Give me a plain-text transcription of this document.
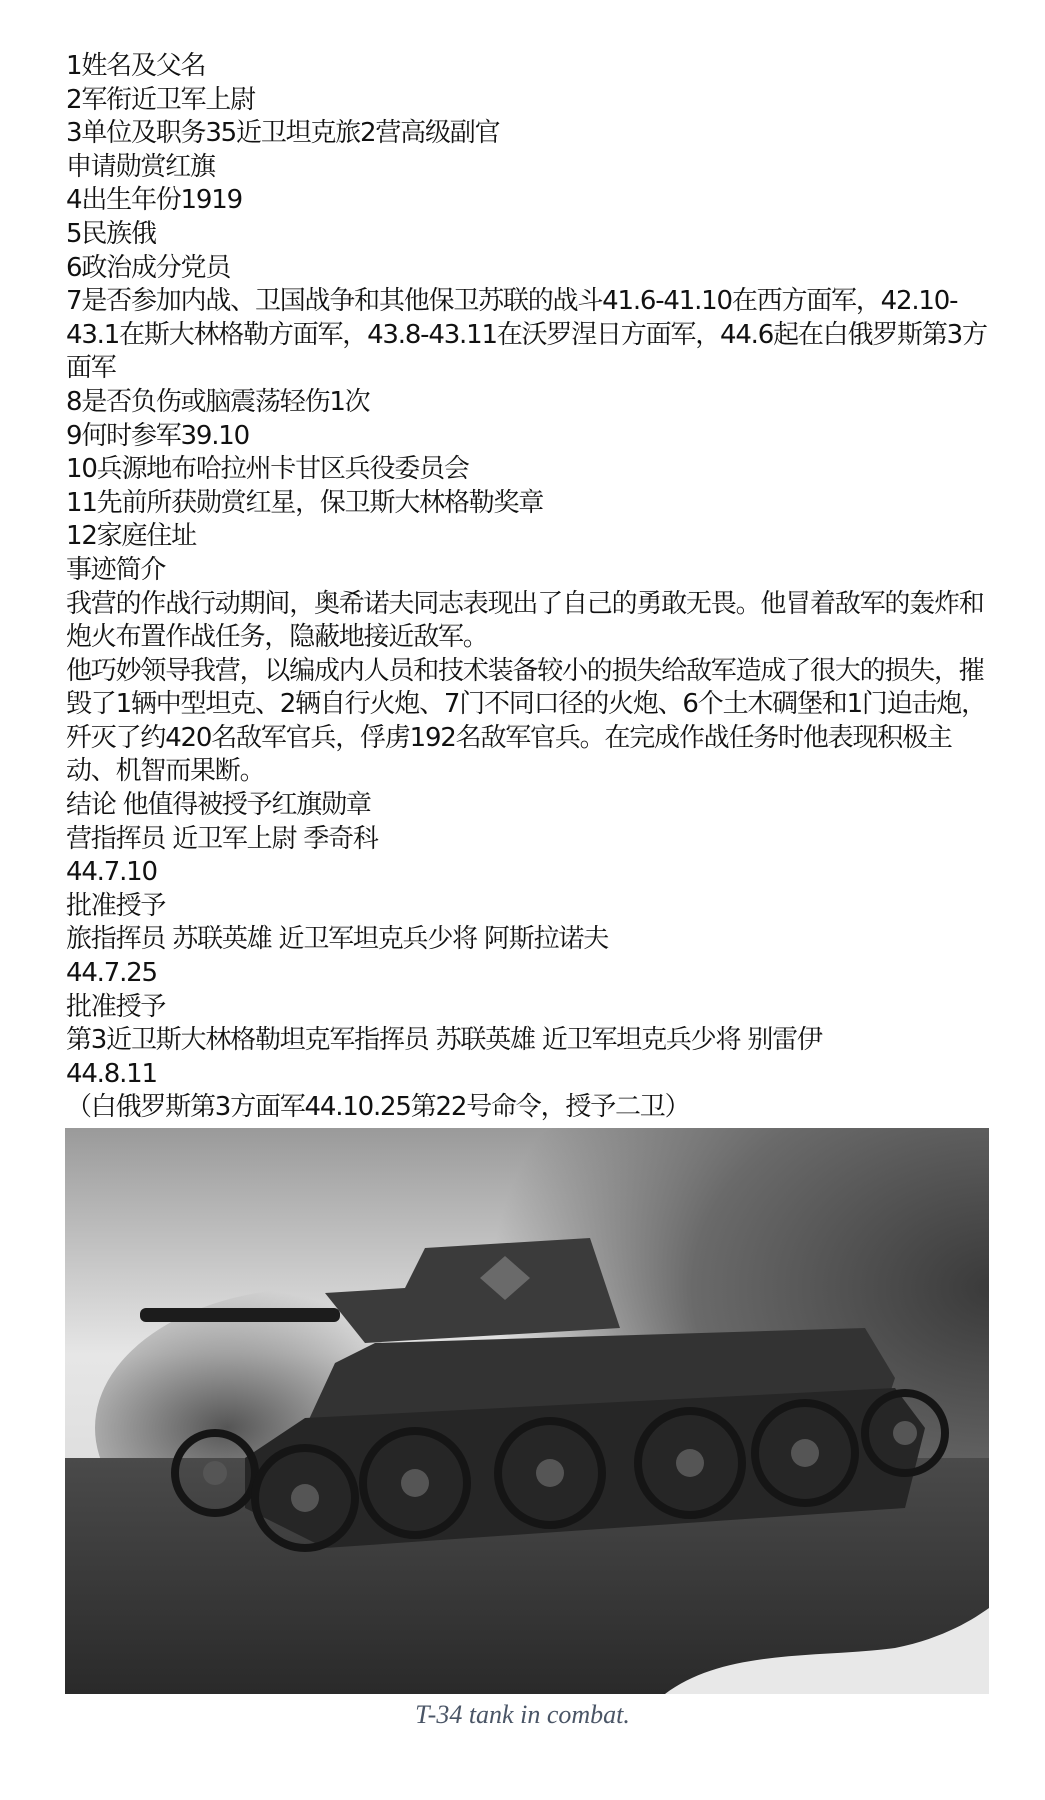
1姓名及父名
2军衔近卫军上尉
3单位及职务35近卫坦克旅2营高级副官
申请勋赏红旗
4出生年份1919
5民族俄
6政治成分党员
7是否参加内战、卫国战争和其他保卫苏联的战斗41.6-41.10在西方面军，42.10-43.1在斯大林格勒方面军，43.8-43.11在沃罗涅日方面军，44.6起在白俄罗斯第3方面军
8是否负伤或脑震荡轻伤1次
9何时参军39.10
10兵源地布哈拉州卡甘区兵役委员会
11先前所获勋赏红星，保卫斯大林格勒奖章
12家庭住址
事迹简介
我营的作战行动期间，奥希诺夫同志表现出了自己的勇敢无畏。他冒着敌军的轰炸和炮火布置作战任务，隐蔽地接近敌军。
他巧妙领导我营，以编成内人员和技术装备较小的损失给敌军造成了很大的损失，摧毁了1辆中型坦克、2辆自行火炮、7门不同口径的火炮、6个土木碉堡和1门迫击炮，歼灭了约420名敌军官兵，俘虏192名敌军官兵。在完成作战任务时他表现积极主动、机智而果断。
结论 他值得被授予红旗勋章
营指挥员 近卫军上尉 季奇科
44.7.10
批准授予
旅指挥员 苏联英雄 近卫军坦克兵少将 阿斯拉诺夫
44.7.25
批准授予
第3近卫斯大林格勒坦克军指挥员 苏联英雄 近卫军坦克兵少将 别雷伊
44.8.11
（白俄罗斯第3方面军44.10.25第22号命令，授予二卫）
T-34 tank in combat.
